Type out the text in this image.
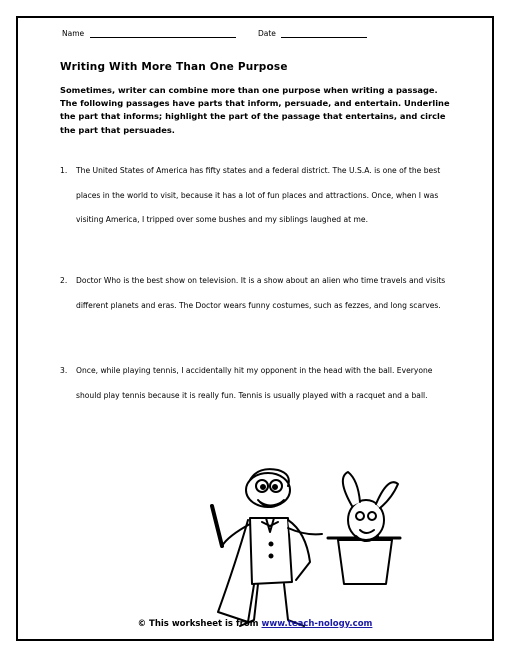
Name	Date
Writing With More Than One Purpose
Sometimes, writer can combine more than one purpose when writing a passage. The following passages have parts that inform, persuade, and entertain. Underline the part that informs; highlight the part of the passage that entertains, and circle the part that persuades.
1. The United States of America has fifty states and a federal district. The U.S.A. is one of the best places in the world to visit, because it has a lot of fun places and attractions. Once, when I was visiting America, I tripped over some bushes and my siblings laughed at me.
2. Doctor Who is the best show on television. It is a show about an alien who time travels and visits different planets and eras. The Doctor wears funny costumes, such as fezzes, and long scarves.
3. Once, while playing tennis, I accidentally hit my opponent in the head with the ball. Everyone should play tennis because it is really fun. Tennis is usually played with a racquet and a ball.
© This worksheet is from www.teach-nology.com
